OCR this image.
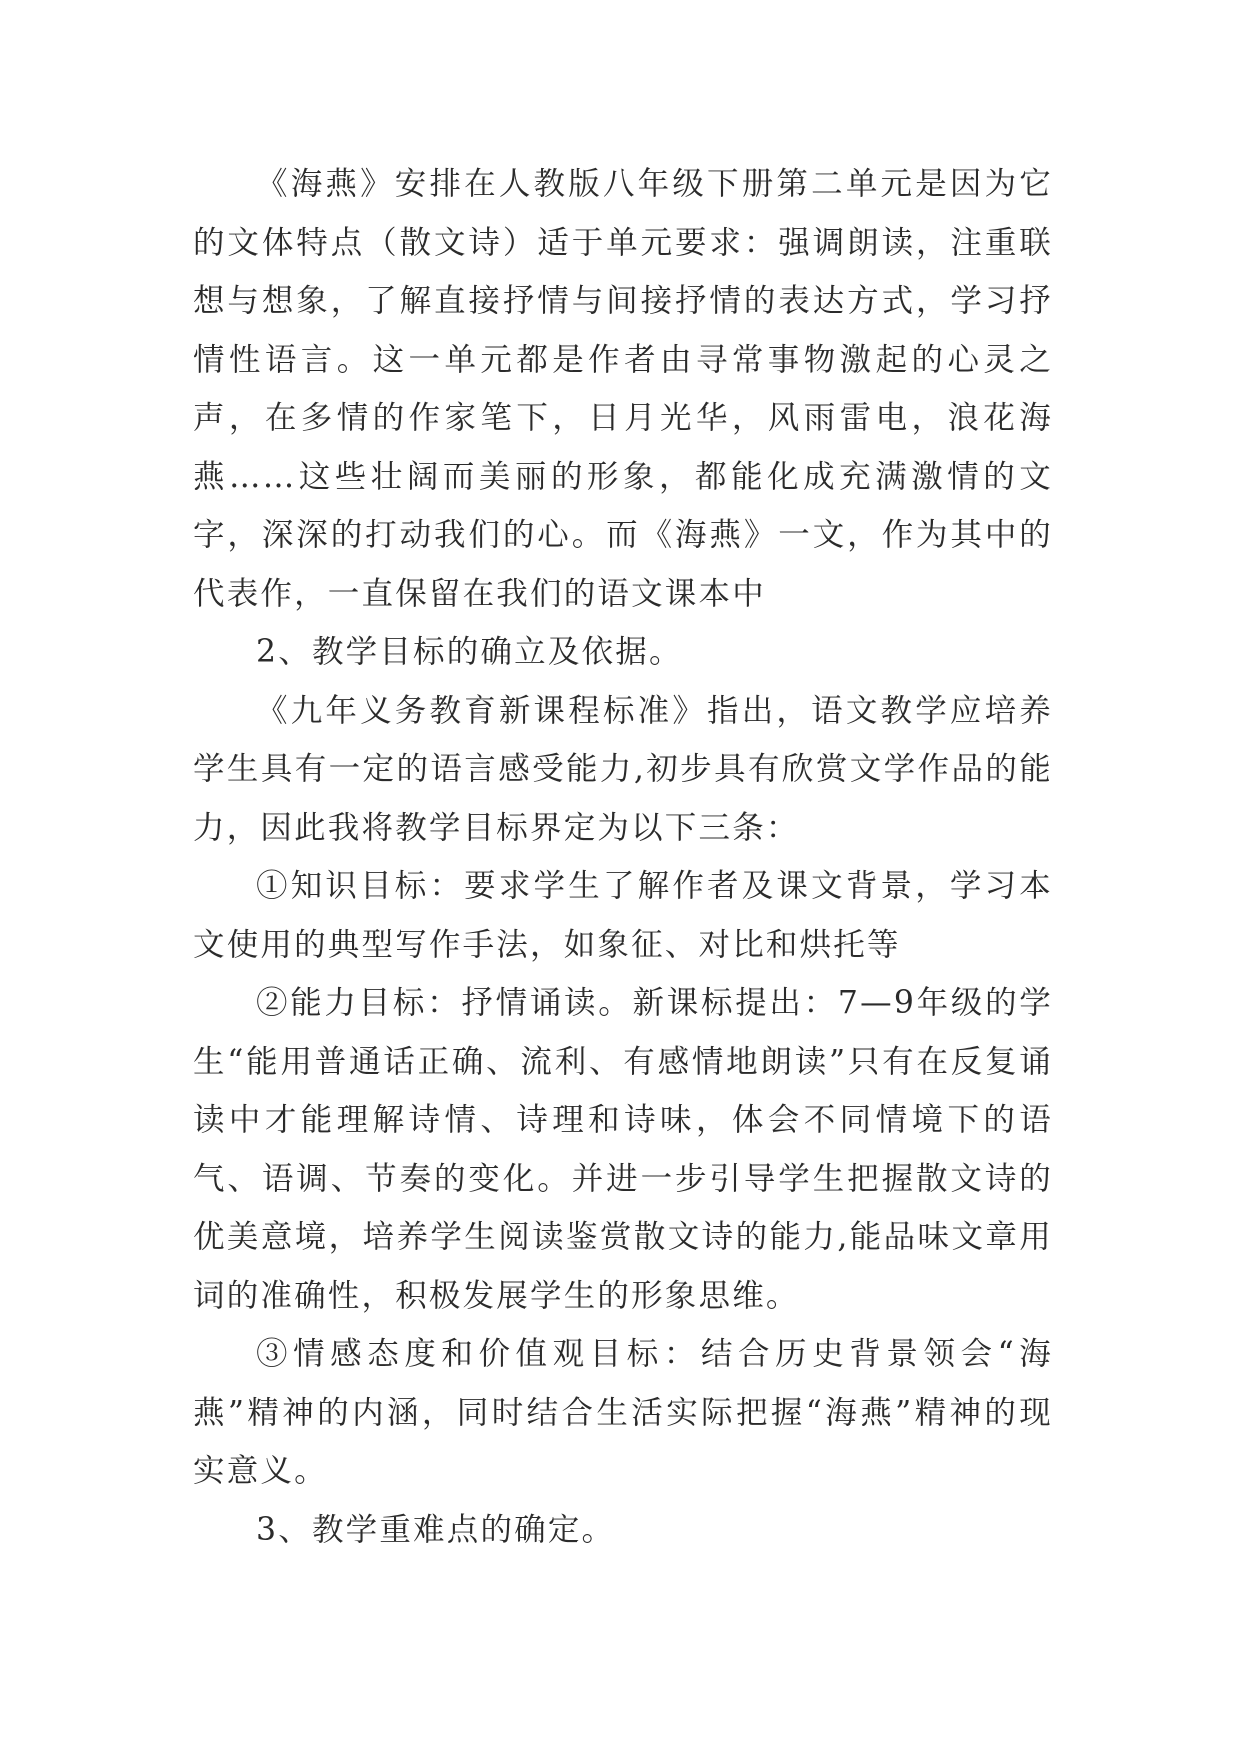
《海燕》安排在人教版八年级下册第二单元是因为它的文体特点（散文诗）适于单元要求：强调朗读，注重联想与想象，了解直接抒情与间接抒情的表达方式，学习抒情性语言。这一单元都是作者由寻常事物激起的心灵之声，在多情的作家笔下，日月光华，风雨雷电，浪花海燕……这些壮阔而美丽的形象，都能化成充满激情的文字，深深的打动我们的心。而《海燕》一文，作为其中的代表作，一直保留在我们的语文课本中

2、教学目标的确立及依据。

《九年义务教育新课程标准》指出，语文教学应培养学生具有一定的语言感受能力,初步具有欣赏文学作品的能力，因此我将教学目标界定为以下三条：

①知识目标：要求学生了解作者及课文背景，学习本文使用的典型写作手法，如象征、对比和烘托等

②能力目标：抒情诵读。新课标提出：7—9年级的学生“能用普通话正确、流利、有感情地朗读”只有在反复诵读中才能理解诗情、诗理和诗味，体会不同情境下的语气、语调、节奏的变化。并进一步引导学生把握散文诗的优美意境，培养学生阅读鉴赏散文诗的能力,能品味文章用词的准确性，积极发展学生的形象思维。

③情感态度和价值观目标：结合历史背景领会“海燕”精神的内涵，同时结合生活实际把握“海燕”精神的现实意义。

3、教学重难点的确定。
